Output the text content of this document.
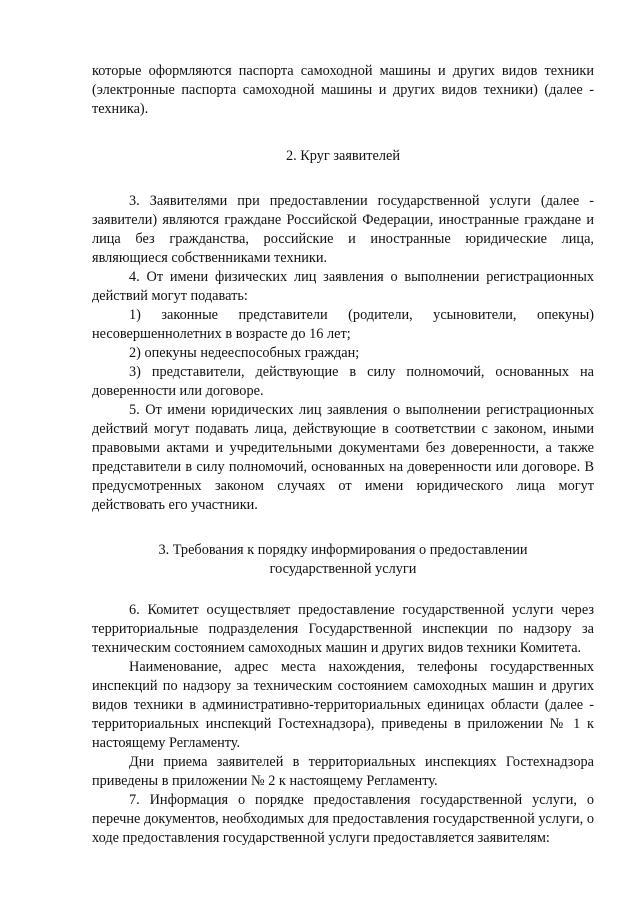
которые оформляются паспорта самоходной машины и других видов техники (электронные паспорта самоходной машины и других видов техники) (далее - техника).

2. Круг заявителей

3. Заявителями при предоставлении государственной услуги (далее - заявители) являются граждане Российской Федерации, иностранные граждане и лица без гражданства, российские и иностранные юридические лица, являющиеся собственниками техники.

4. От имени физических лиц заявления о выполнении регистрационных действий могут подавать:

1) законные представители (родители, усыновители, опекуны) несовершеннолетних в возрасте до 16 лет;

2) опекуны недееспособных граждан;

3) представители, действующие в силу полномочий, основанных на доверенности или договоре.

5. От имени юридических лиц заявления о выполнении регистрационных действий могут подавать лица, действующие в соответствии с законом, иными правовыми актами и учредительными документами без доверенности, а также представители в силу полномочий, основанных на доверенности или договоре. В предусмотренных законом случаях от имени юридического лица могут действовать его участники.

3. Требования к порядку информирования о предоставлении

государственной услуги

6. Комитет осуществляет предоставление государственной услуги через территориальные подразделения Государственной инспекции по надзору за техническим состоянием самоходных машин и других видов техники Комитета.

Наименование, адрес места нахождения, телефоны государственных инспекций по надзору за техническим состоянием самоходных машин и других видов техники в административно-территориальных единицах области (далее - территориальных инспекций Гостехнадзора), приведены в приложении № 1 к настоящему Регламенту.

Дни приема заявителей в территориальных инспекциях Гостехнадзора приведены в приложении № 2 к настоящему Регламенту.

7. Информация о порядке предоставления государственной услуги, о перечне документов, необходимых для предоставления государственной услуги, о ходе предоставления государственной услуги предоставляется заявителям:
